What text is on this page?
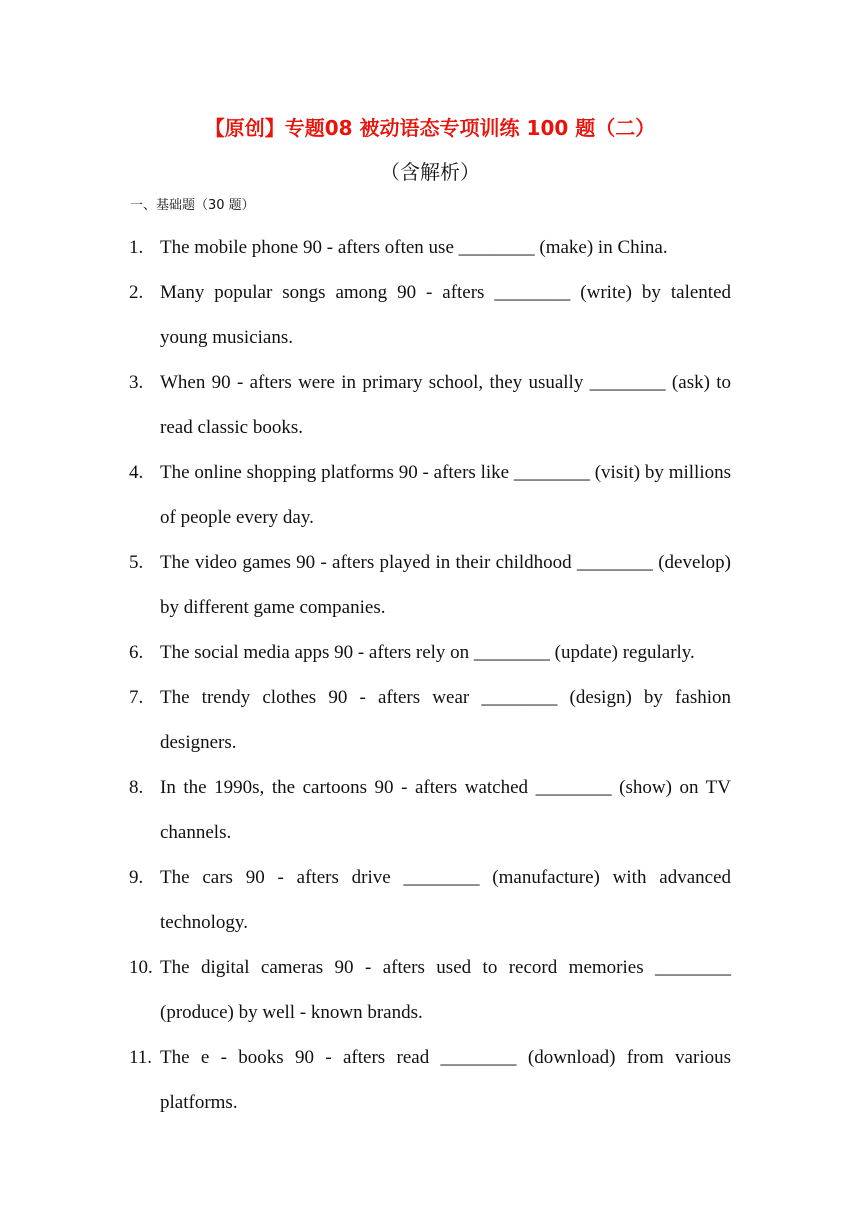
【原创】专题08 被动语态专项训练 100 题（二）
（含解析）
一、基础题（30 题）
1. The mobile phone 90 - afters often use ________ (make) in China.
2. Many popular songs among 90 - afters ________ (write) by talented young musicians.
3. When 90 - afters were in primary school, they usually ________ (ask) to read classic books.
4. The online shopping platforms 90 - afters like ________ (visit) by millions of people every day.
5. The video games 90 - afters played in their childhood ________ (develop) by different game companies.
6. The social media apps 90 - afters rely on ________ (update) regularly.
7. The trendy clothes 90 - afters wear ________ (design) by fashion designers.
8. In the 1990s, the cartoons 90 - afters watched ________ (show) on TV channels.
9. The cars 90 - afters drive ________ (manufacture) with advanced technology.
10. The digital cameras 90 - afters used to record memories ________ (produce) by well - known brands.
11. The e - books 90 - afters read ________ (download) from various platforms.
